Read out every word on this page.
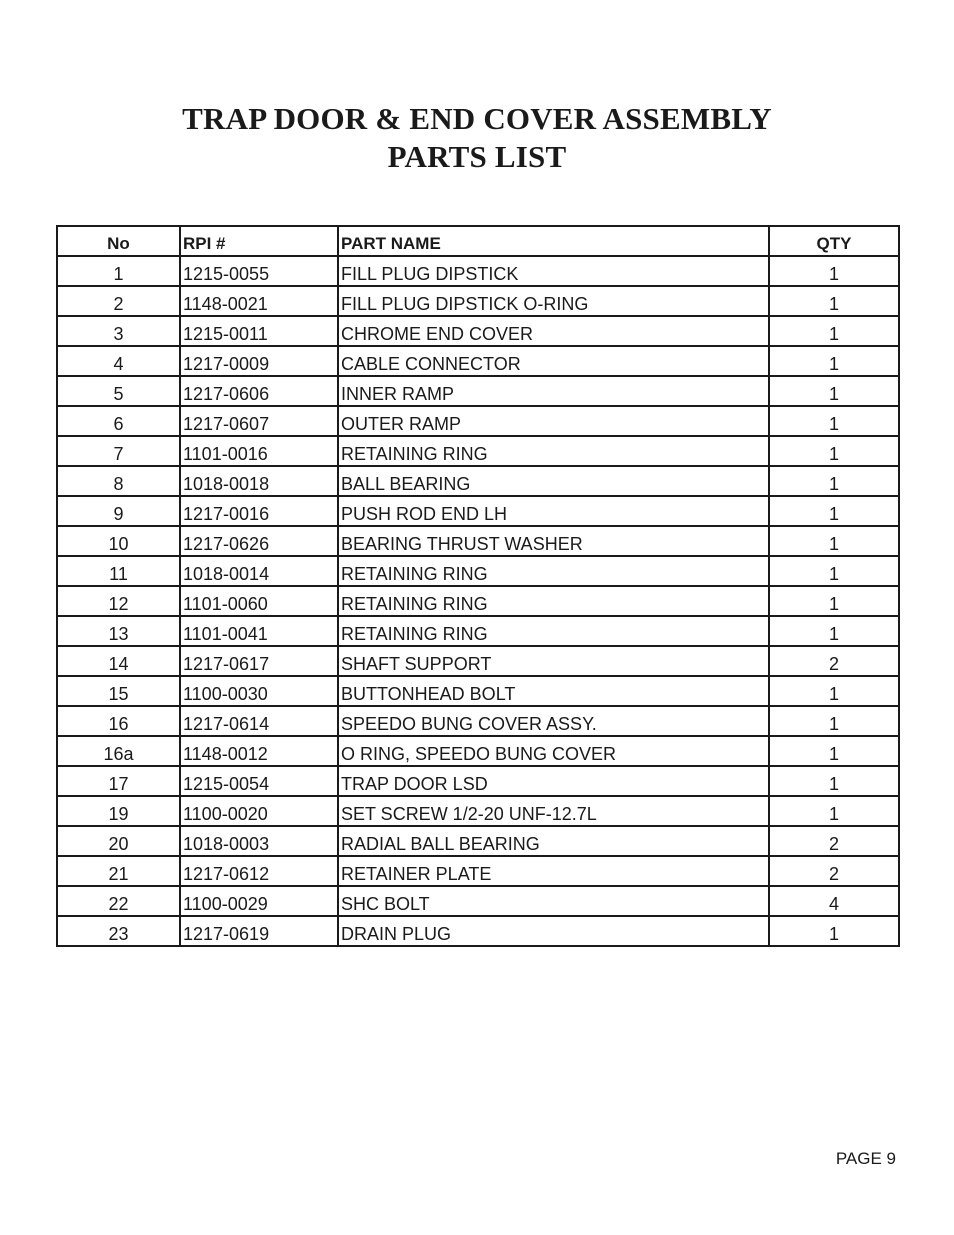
TRAP DOOR & END COVER ASSEMBLY
PARTS LIST
No	RPI #	PART NAME	QTY
1	1215-0055	FILL PLUG DIPSTICK	1
2	1148-0021	FILL PLUG DIPSTICK O-RING	1
3	1215-0011	CHROME END COVER	1
4	1217-0009	CABLE CONNECTOR	1
5	1217-0606	INNER RAMP	1
6	1217-0607	OUTER RAMP	1
7	1101-0016	RETAINING RING	1
8	1018-0018	BALL BEARING	1
9	1217-0016	PUSH ROD END LH	1
10	1217-0626	BEARING THRUST WASHER	1
11	1018-0014	RETAINING RING	1
12	1101-0060	RETAINING RING	1
13	1101-0041	RETAINING RING	1
14	1217-0617	SHAFT SUPPORT	2
15	1100-0030	BUTTONHEAD BOLT	1
16	1217-0614	SPEEDO BUNG COVER ASSY.	1
16a	1148-0012	O RING, SPEEDO BUNG COVER	1
17	1215-0054	TRAP DOOR LSD	1
19	1100-0020	SET SCREW 1/2-20 UNF-12.7L	1
20	1018-0003	RADIAL BALL BEARING	2
21	1217-0612	RETAINER PLATE	2
22	1100-0029	SHC BOLT	4
23	1217-0619	DRAIN PLUG	1
PAGE 9
